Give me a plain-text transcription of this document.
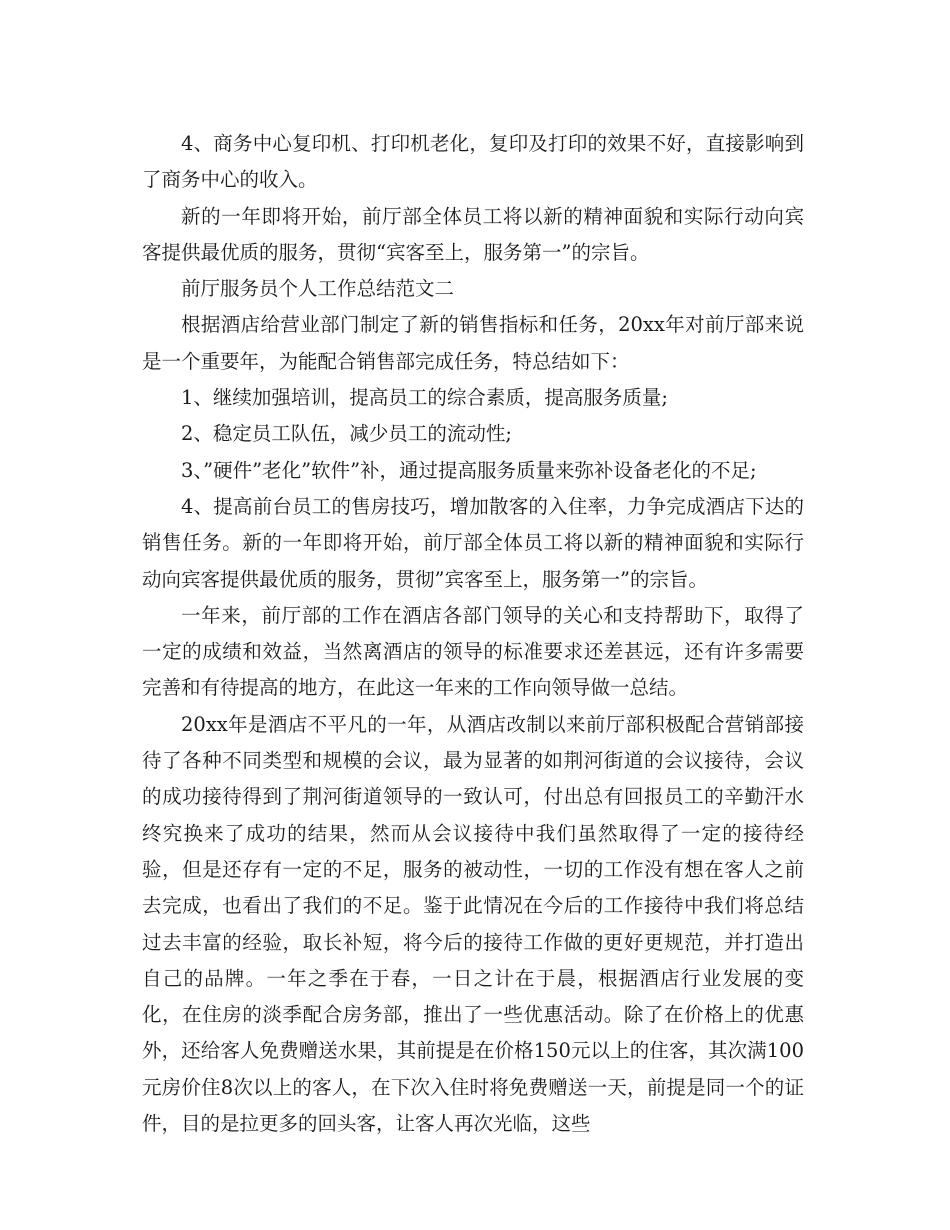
4、商务中心复印机、打印机老化，复印及打印的效果不好，直接影响到了商务中心的收入。

新的一年即将开始，前厅部全体员工将以新的精神面貌和实际行动向宾客提供最优质的服务，贯彻“宾客至上，服务第一”的宗旨。

前厅服务员个人工作总结范文二

根据酒店给营业部门制定了新的销售指标和任务，20xx年对前厅部来说是一个重要年，为能配合销售部完成任务，特总结如下：

1、继续加强培训，提高员工的综合素质，提高服务质量;

2、稳定员工队伍，减少员工的流动性;

3、”硬件”老化”软件”补，通过提高服务质量来弥补设备老化的不足;

4、提高前台员工的售房技巧，增加散客的入住率，力争完成酒店下达的销售任务。新的一年即将开始，前厅部全体员工将以新的精神面貌和实际行动向宾客提供最优质的服务，贯彻”宾客至上，服务第一”的宗旨。

一年来，前厅部的工作在酒店各部门领导的关心和支持帮助下，取得了一定的成绩和效益，当然离酒店的领导的标准要求还差甚远，还有许多需要完善和有待提高的地方，在此这一年来的工作向领导做一总结。

20xx年是酒店不平凡的一年，从酒店改制以来前厅部积极配合营销部接待了各种不同类型和规模的会议，最为显著的如荆河街道的会议接待，会议的成功接待得到了荆河街道领导的一致认可，付出总有回报员工的辛勤汗水终究换来了成功的结果，然而从会议接待中我们虽然取得了一定的接待经验，但是还存有一定的不足，服务的被动性，一切的工作没有想在客人之前去完成，也看出了我们的不足。鉴于此情况在今后的工作接待中我们将总结过去丰富的经验，取长补短，将今后的接待工作做的更好更规范，并打造出自己的品牌。一年之季在于春，一日之计在于晨，根据酒店行业发展的变化，在住房的淡季配合房务部，推出了一些优惠活动。除了在价格上的优惠外，还给客人免费赠送水果，其前提是在价格150元以上的住客，其次满100元房价住8次以上的客人，在下次入住时将免费赠送一天，前提是同一个的证件，目的是拉更多的回头客，让客人再次光临，这些
